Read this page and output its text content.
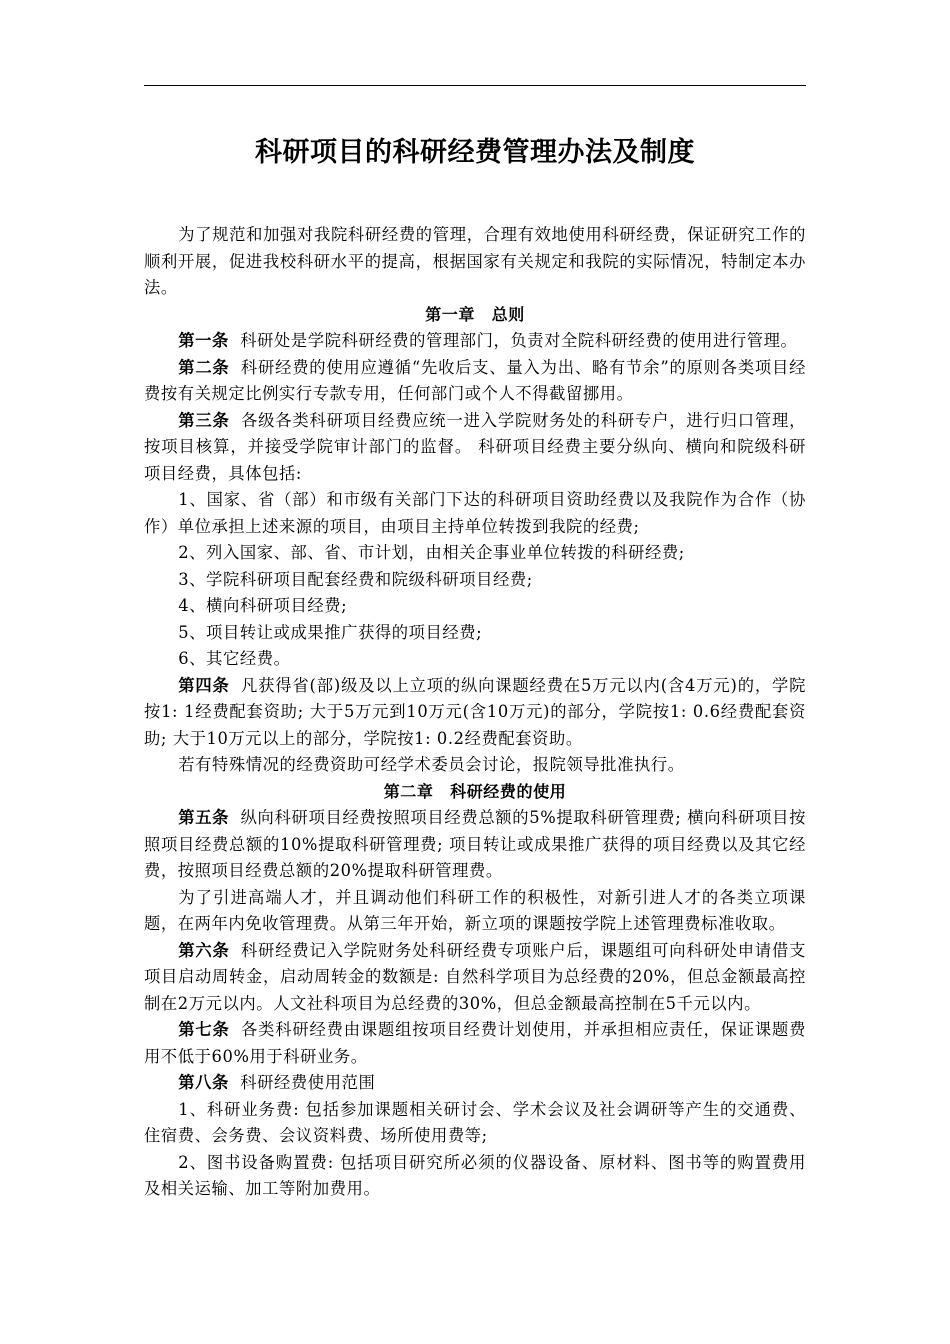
科研项目的科研经费管理办法及制度

为了规范和加强对我院科研经费的管理，合理有效地使用科研经费，保证研究工作的顺利开展，促进我校科研水平的提高，根据国家有关规定和我院的实际情况，特制定本办法。

第一章　总则

第一条 科研处是学院科研经费的管理部门，负责对全院科研经费的使用进行管理。

第二条 科研经费的使用应遵循“先收后支、量入为出、略有节余”的原则各类项目经费按有关规定比例实行专款专用，任何部门或个人不得截留挪用。

第三条 各级各类科研项目经费应统一进入学院财务处的科研专户，进行归口管理，按项目核算，并接受学院审计部门的监督。 科研项目经费主要分纵向、横向和院级科研项目经费，具体包括:

1、国家、省（部）和市级有关部门下达的科研项目资助经费以及我院作为合作（协作）单位承担上述来源的项目，由项目主持单位转拨到我院的经费;

2、列入国家、部、省、市计划，由相关企事业单位转拨的科研经费;

3、学院科研项目配套经费和院级科研项目经费;

4、横向科研项目经费;

5、项目转让或成果推广获得的项目经费;

6、其它经费。

第四条 凡获得省(部)级及以上立项的纵向课题经费在5万元以内(含4万元)的，学院按1: 1经费配套资助; 大于5万元到10万元(含10万元)的部分，学院按1: 0.6经费配套资助; 大于10万元以上的部分，学院按1: 0.2经费配套资助。

若有特殊情况的经费资助可经学术委员会讨论，报院领导批准执行。

第二章　科研经费的使用

第五条 纵向科研项目经费按照项目经费总额的5%提取科研管理费; 横向科研项目按照项目经费总额的10%提取科研管理费; 项目转让或成果推广获得的项目经费以及其它经费，按照项目经费总额的20%提取科研管理费。

为了引进高端人才，并且调动他们科研工作的积极性，对新引进人才的各类立项课题，在两年内免收管理费。从第三年开始，新立项的课题按学院上述管理费标准收取。

第六条 科研经费记入学院财务处科研经费专项账户后，课题组可向科研处申请借支项目启动周转金，启动周转金的数额是: 自然科学项目为总经费的20%，但总金额最高控制在2万元以内。人文社科项目为总经费的30%，但总金额最高控制在5千元以内。

第七条 各类科研经费由课题组按项目经费计划使用，并承担相应责任，保证课题费用不低于60%用于科研业务。

第八条 科研经费使用范围

1、科研业务费: 包括参加课题相关研讨会、学术会议及社会调研等产生的交通费、住宿费、会务费、会议资料费、场所使用费等;

2、图书设备购置费: 包括项目研究所必须的仪器设备、原材料、图书等的购置费用及相关运输、加工等附加费用。
